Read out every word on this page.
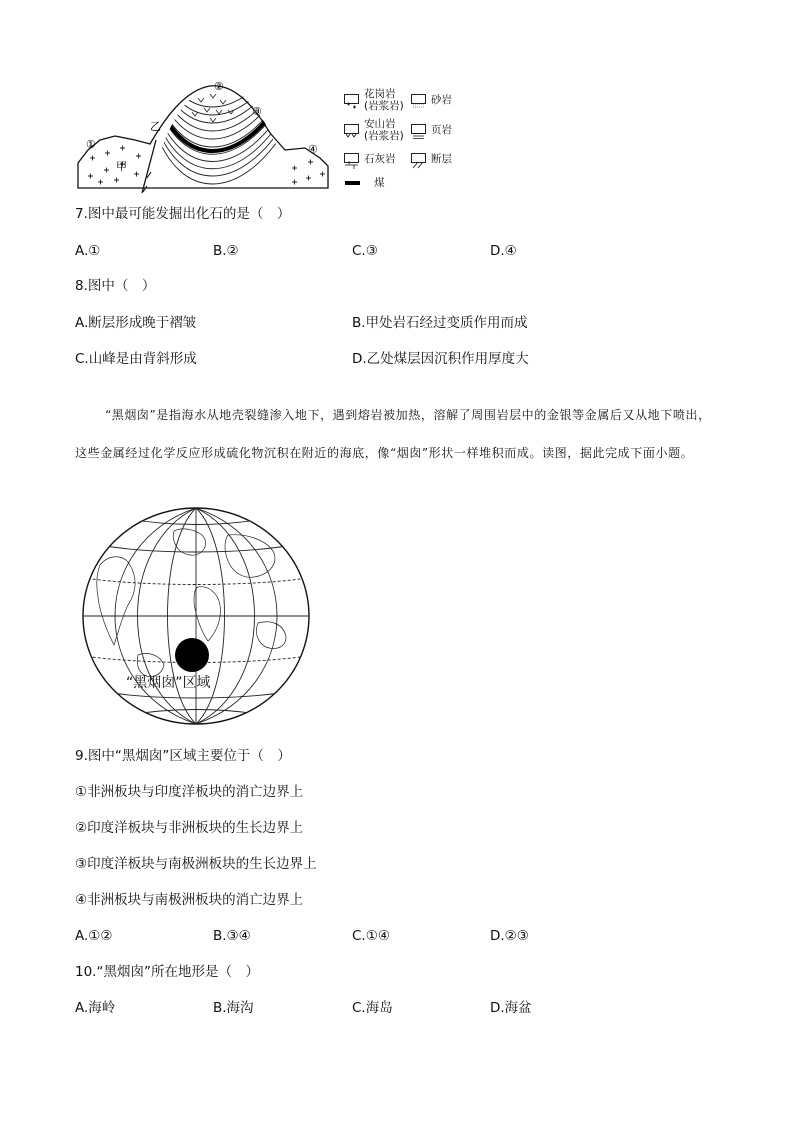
①
②
③
④
甲
乙
花岗岩
(岩浆岩)	砂岩
安山岩
(岩浆岩)	页岩
石灰岩	断层
煤
7.图中最可能发掘出化石的是（　）
A.①	B.②	C.③	D.④
8.图中（　）
A.断层形成晚于褶皱	B.甲处岩石经过变质作用而成
C.山峰是由背斜形成	D.乙处煤层因沉积作用厚度大
“黑烟囱”是指海水从地壳裂缝渗入地下，遇到熔岩被加热，溶解了周围岩层中的金银等金属后又从地下喷出，这些金属经过化学反应形成硫化物沉积在附近的海底，像“烟囱”形状一样堆积而成。读图，据此完成下面小题。
“黑烟囱”区域
9.图中“黑烟囱”区域主要位于（　）
①非洲板块与印度洋板块的消亡边界上
②印度洋板块与非洲板块的生长边界上
③印度洋板块与南极洲板块的生长边界上
④非洲板块与南极洲板块的消亡边界上
A.①②	B.③④	C.①④	D.②③
10.“黑烟囱”所在地形是（　）
A.海岭	B.海沟	C.海岛	D.海盆
